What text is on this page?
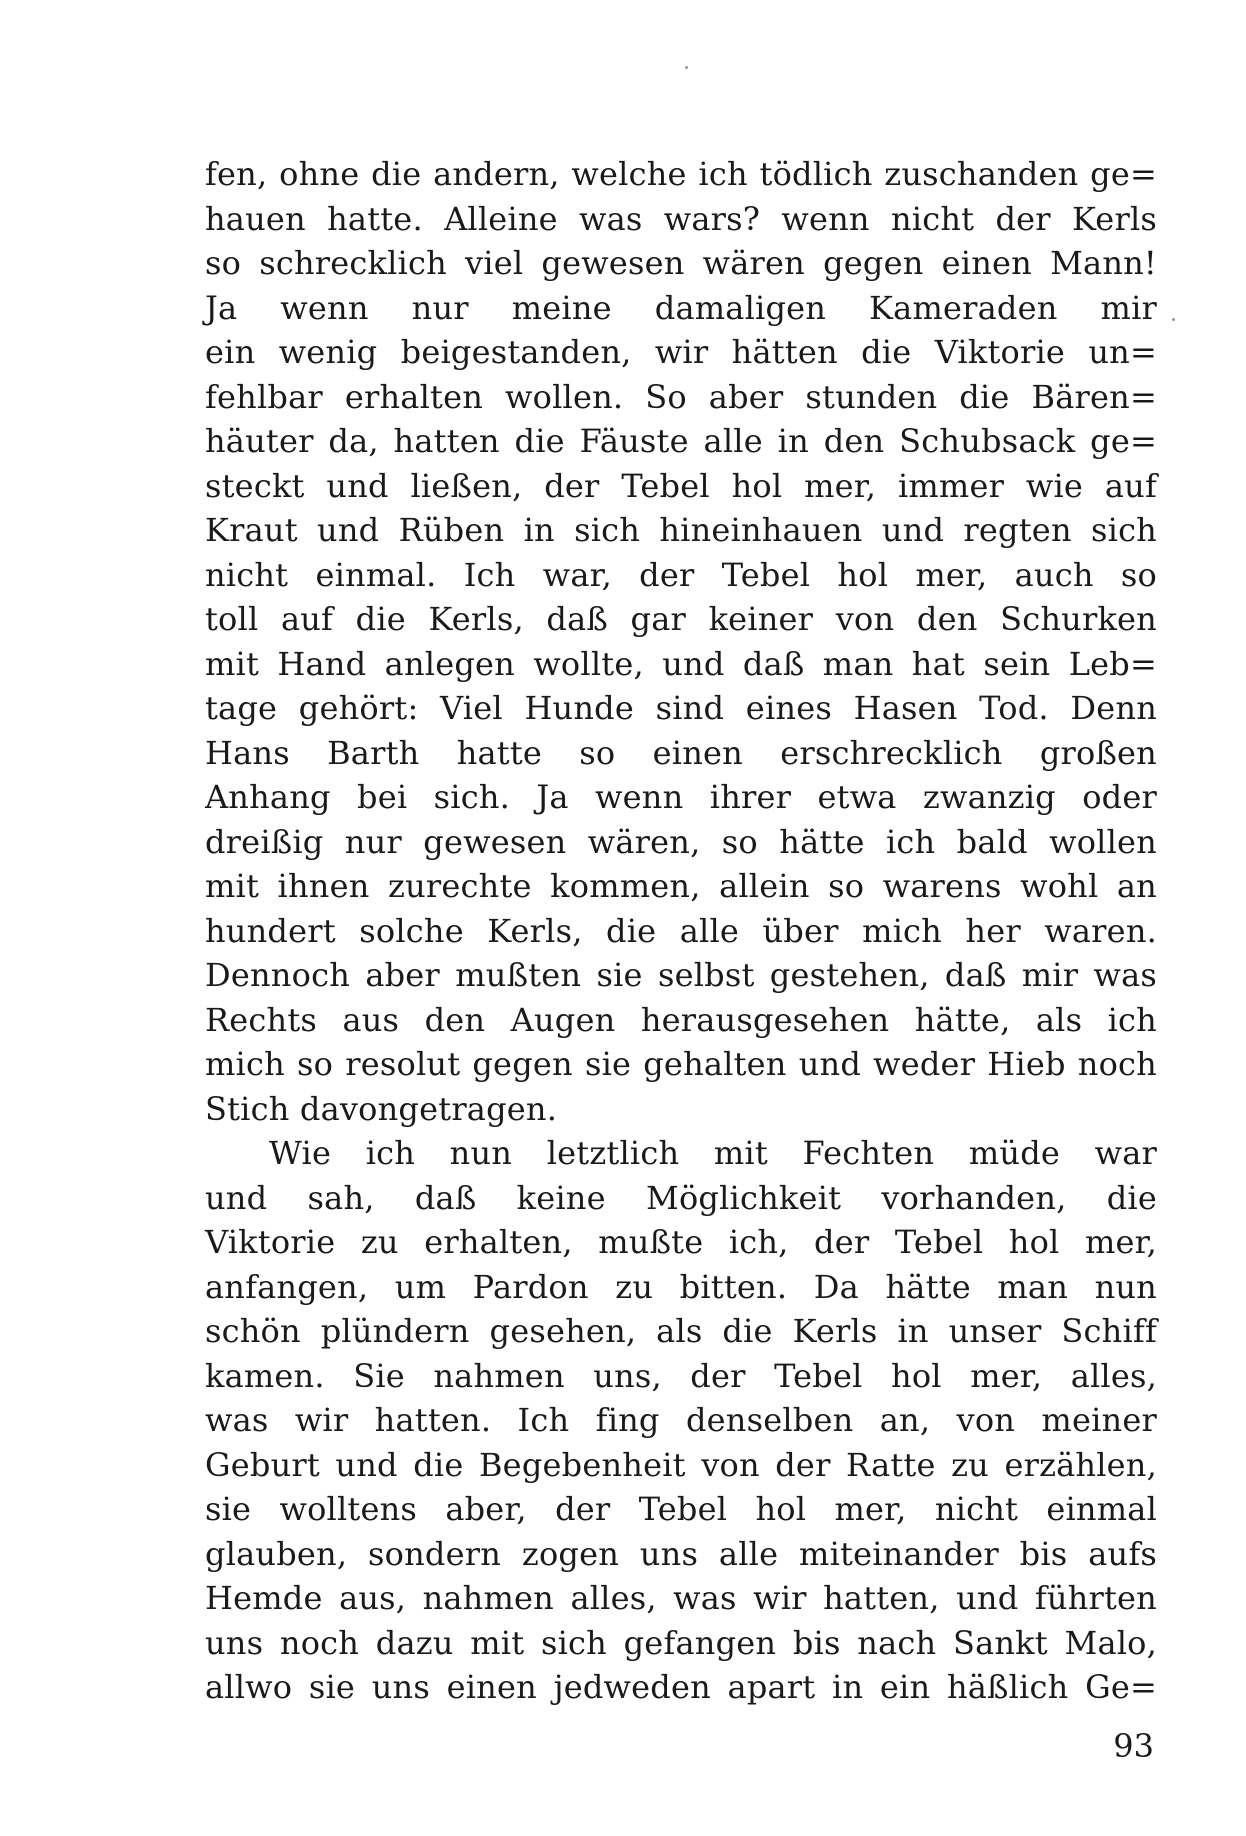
fen, ohne die andern, welche ich tödlich zuschanden ge=
hauen hatte. Alleine was wars? wenn nicht der Kerls
so schrecklich viel gewesen wären gegen einen Mann!
Ja wenn nur meine damaligen Kameraden mir
ein wenig beigestanden, wir hätten die Viktorie un=
fehlbar erhalten wollen. So aber stunden die Bären=
häuter da, hatten die Fäuste alle in den Schubsack ge=
steckt und ließen, der Tebel hol mer, immer wie auf
Kraut und Rüben in sich hineinhauen und regten sich
nicht einmal. Ich war, der Tebel hol mer, auch so
toll auf die Kerls, daß gar keiner von den Schurken
mit Hand anlegen wollte, und daß man hat sein Leb=
tage gehört: Viel Hunde sind eines Hasen Tod. Denn
Hans Barth hatte so einen erschrecklich großen
Anhang bei sich. Ja wenn ihrer etwa zwanzig oder
dreißig nur gewesen wären, so hätte ich bald wollen
mit ihnen zurechte kommen, allein so warens wohl an
hundert solche Kerls, die alle über mich her waren.
Dennoch aber mußten sie selbst gestehen, daß mir was
Rechts aus den Augen herausgesehen hätte, als ich
mich so resolut gegen sie gehalten und weder Hieb noch
Stich davongetragen.
Wie ich nun letztlich mit Fechten müde war
und sah, daß keine Möglichkeit vorhanden, die
Viktorie zu erhalten, mußte ich, der Tebel hol mer,
anfangen, um Pardon zu bitten. Da hätte man nun
schön plündern gesehen, als die Kerls in unser Schiff
kamen. Sie nahmen uns, der Tebel hol mer, alles,
was wir hatten. Ich fing denselben an, von meiner
Geburt und die Begebenheit von der Ratte zu erzählen,
sie wolltens aber, der Tebel hol mer, nicht einmal
glauben, sondern zogen uns alle miteinander bis aufs
Hemde aus, nahmen alles, was wir hatten, und führten
uns noch dazu mit sich gefangen bis nach Sankt Malo,
allwo sie uns einen jedweden apart in ein häßlich Ge=
93
